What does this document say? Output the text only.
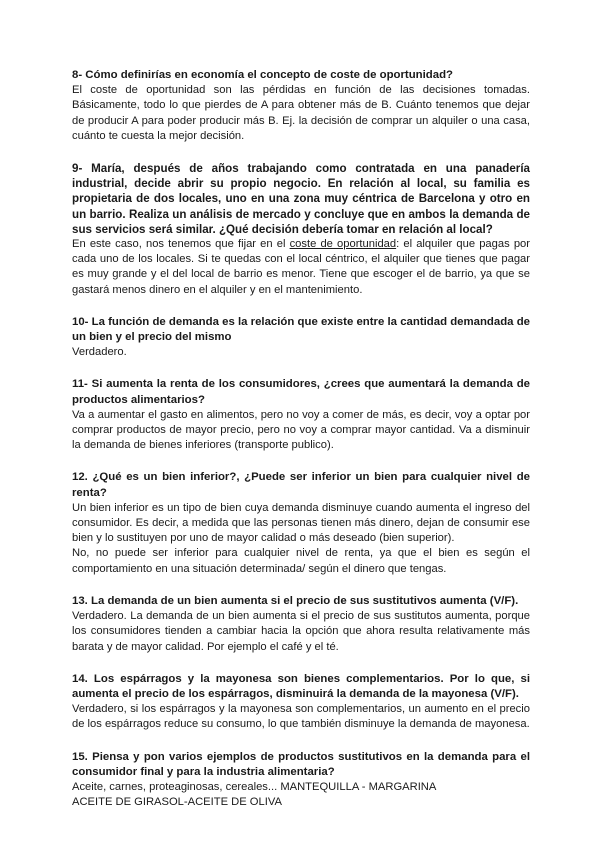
8- Cómo definirías en economía el concepto de coste de oportunidad?

El coste de oportunidad son las pérdidas en función de las decisiones tomadas. Básicamente, todo lo que pierdes de A para obtener más de B. Cuánto tenemos que dejar de producir A para poder producir más B. Ej. la decisión de comprar un alquiler o una casa, cuánto te cuesta la mejor decisión.

9- María, después de años trabajando como contratada en una panadería industrial, decide abrir su propio negocio. En relación al local, su familia es propietaria de dos locales, uno en una zona muy céntrica de Barcelona y otro en un barrio. Realiza un análisis de mercado y concluye que en ambos la demanda de sus servicios será similar. ¿Qué decisión debería tomar en relación al local?

En este caso, nos tenemos que fijar en el coste de oportunidad: el alquiler que pagas por cada uno de los locales. Si te quedas con el local céntrico, el alquiler que tienes que pagar es muy grande y el del local de barrio es menor. Tiene que escoger el de barrio, ya que se gastará menos dinero en el alquiler y en el mantenimiento.

10- La función de demanda es la relación que existe entre la cantidad demandada de un bien y el precio del mismo

Verdadero.

11- Si aumenta la renta de los consumidores, ¿crees que aumentará la demanda de productos alimentarios?

Va a aumentar el gasto en alimentos, pero no voy a comer de más, es decir, voy a optar por comprar productos de mayor precio, pero no voy a comprar mayor cantidad. Va a disminuir la demanda de bienes inferiores (transporte publico).

12. ¿Qué es un bien inferior?, ¿Puede ser inferior un bien para cualquier nivel de renta?

Un bien inferior es un tipo de bien cuya demanda disminuye cuando aumenta el ingreso del consumidor. Es decir, a medida que las personas tienen más dinero, dejan de consumir ese bien y lo sustituyen por uno de mayor calidad o más deseado (bien superior).

No, no puede ser inferior para cualquier nivel de renta, ya que el bien es según el comportamiento en una situación determinada/ según el dinero que tengas.

13. La demanda de un bien aumenta si el precio de sus sustitutivos aumenta (V/F).

Verdadero. La demanda de un bien aumenta si el precio de sus sustitutos aumenta, porque los consumidores tienden a cambiar hacia la opción que ahora resulta relativamente más barata y de mayor calidad. Por ejemplo el café y el té.

14. Los espárragos y la mayonesa son bienes complementarios. Por lo que, si aumenta el precio de los espárragos, disminuirá la demanda de la mayonesa (V/F).

Verdadero, si los espárragos y la mayonesa son complementarios, un aumento en el precio de los espárragos reduce su consumo, lo que también disminuye la demanda de mayonesa.

15. Piensa y pon varios ejemplos de productos sustitutivos en la demanda para el consumidor final y para la industria alimentaria?

Aceite, carnes, proteaginosas, cereales... MANTEQUILLA - MARGARINA

ACEITE DE GIRASOL-ACEITE DE OLIVA
